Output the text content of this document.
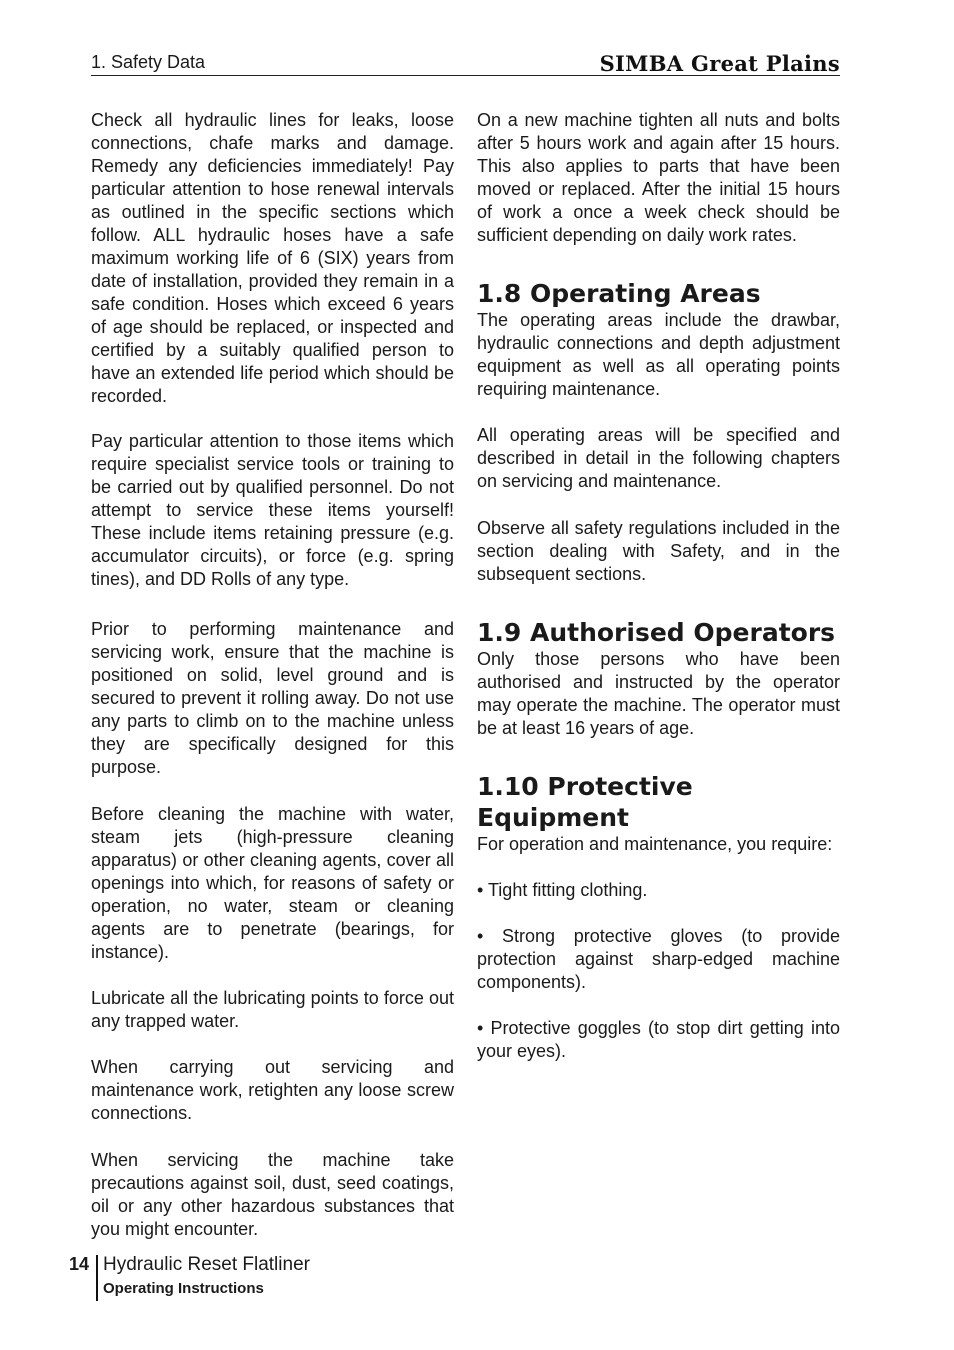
1. Safety Data	SIMBA Great Plains

Check all hydraulic lines for leaks, loose connections, chafe marks and damage. Remedy any deficiencies immediately! Pay particular attention to hose renewal intervals as outlined in the specific sections which follow. ALL hydraulic hoses have a safe maximum working life of 6 (SIX) years from date of installation, provided they remain in a safe condition. Hoses which exceed 6 years of age should be replaced, or inspected and certified by a suitably qualified person to have an extended life period which should be recorded.

Pay particular attention to those items which require specialist service tools or training to be carried out by qualified personnel. Do not attempt to service these items yourself! These include items retaining pressure (e.g. accumulator circuits), or force (e.g. spring tines), and DD Rolls of any type.

Prior to performing maintenance and servicing work, ensure that the machine is positioned on solid, level ground and is secured to prevent it rolling away. Do not use any parts to climb on to the machine unless they are specifically designed for this purpose.

Before cleaning the machine with water, steam jets (high-pressure cleaning apparatus) or other cleaning agents, cover all openings into which, for reasons of safety or operation, no water, steam or cleaning agents are to penetrate (bearings, for instance).

Lubricate all the lubricating points to force out any trapped water.

When carrying out servicing and maintenance work, retighten any loose screw connections.

When servicing the machine take precautions against soil, dust, seed coatings, oil or any other hazardous substances that you might encounter.

On a new machine tighten all nuts and bolts after 5 hours work and again after 15 hours. This also applies to parts that have been moved or replaced. After the initial 15 hours of work a once a week check should be sufficient depending on daily work rates.

1.8 Operating Areas

The operating areas include the drawbar, hydraulic connections and depth adjustment equipment as well as all operating points requiring maintenance.

All operating areas will be specified and described in detail in the following chapters on servicing and maintenance.

Observe all safety regulations included in the section dealing with Safety, and in the subsequent sections.

1.9 Authorised Operators

Only those persons who have been authorised and instructed by the operator may operate the machine. The operator must be at least 16 years of age.

1.10 Protective
Equipment

For operation and maintenance, you require:

• Tight fitting clothing.

• Strong protective gloves (to provide protection against sharp-edged machine components).

• Protective goggles (to stop dirt getting into your eyes).

14 Hydraulic Reset Flatliner
Operating Instructions
